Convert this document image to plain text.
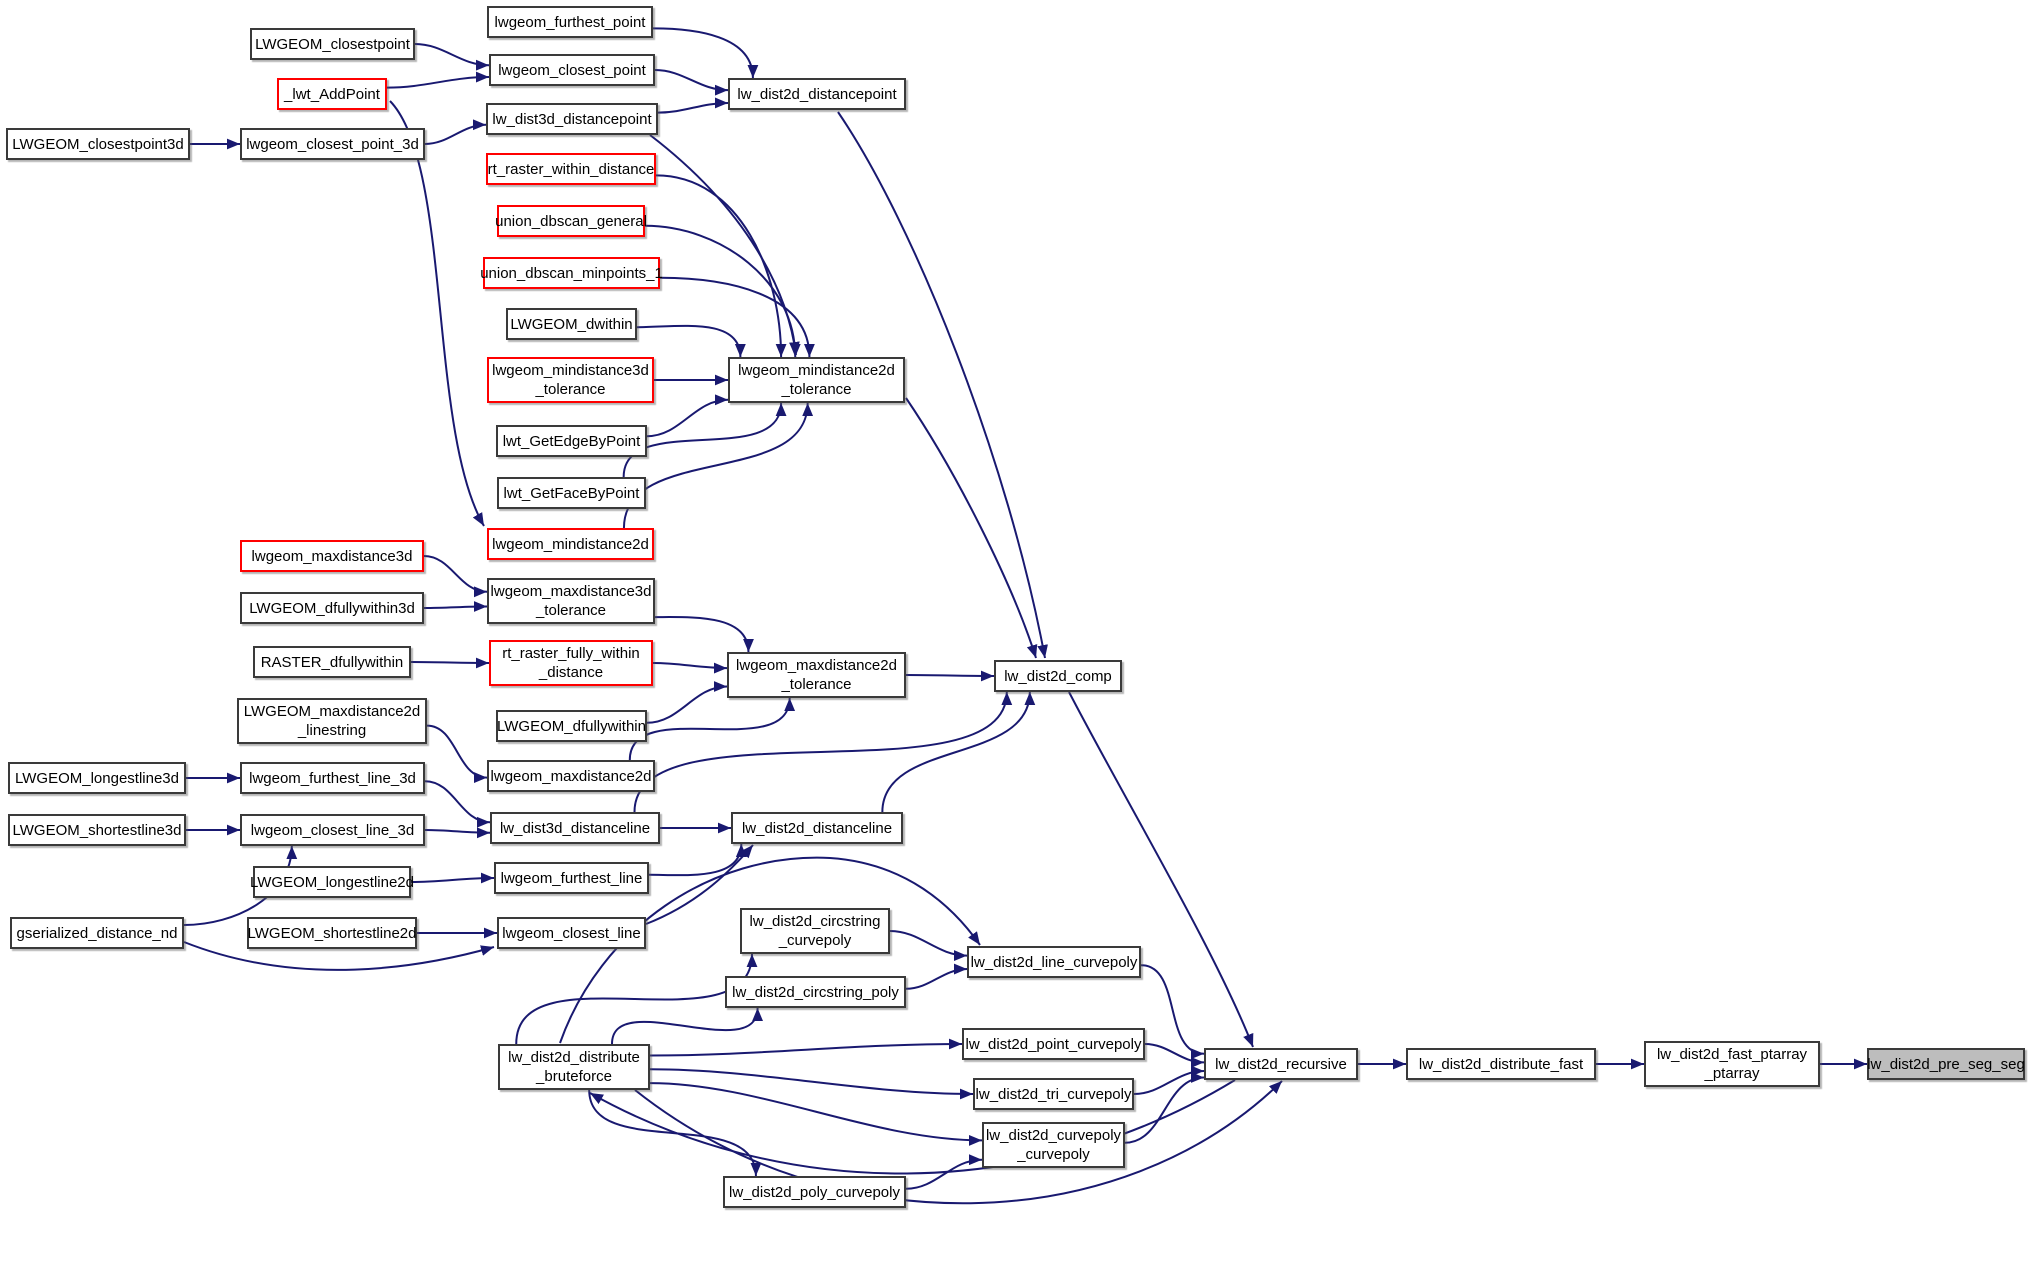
lwgeom_furthest_point
LWGEOM_closestpoint
lwgeom_closest_point
_lwt_AddPoint	lw_dist2d_distancepoint
lw_dist3d_distancepoint
LWGEOM_closestpoint3d	lwgeom_closest_point_3d
rt_raster_within_distance
union_dbscan_general
union_dbscan_minpoints_1
LWGEOM_dwithin
lwgeom_mindistance3d
_tolerance
lwgeom_mindistance2d
_tolerance
lwt_GetEdgeByPoint
lwt_GetFaceByPoint
lwgeom_mindistance2d
lwgeom_maxdistance3d
lwgeom_maxdistance3d
_tolerance
LWGEOM_dfullywithin3d
RASTER_dfullywithin	rt_raster_fully_within
_distance	lwgeom_maxdistance2d
_tolerance	lw_dist2d_comp
LWGEOM_maxdistance2d
_linestring	LWGEOM_dfullywithin
lwgeom_maxdistance2d
LWGEOM_longestline3d	lwgeom_furthest_line_3d
LWGEOM_shortestline3d	lwgeom_closest_line_3d	lw_dist3d_distanceline	lw_dist2d_distanceline
LWGEOM_longestline2d	lwgeom_furthest_line
gserialized_distance_nd	LWGEOM_shortestline2d	lwgeom_closest_line
lw_dist2d_circstring
_curvepoly
lw_dist2d_line_curvepoly
lw_dist2d_circstring_poly
lw_dist2d_point_curvepoly
lw_dist2d_distribute
_bruteforce
lw_dist2d_tri_curvepoly
lw_dist2d_curvepoly
_curvepoly
lw_dist2d_poly_curvepoly
lw_dist2d_recursive	lw_dist2d_distribute_fast
lw_dist2d_fast_ptarray
_ptarray
lw_dist2d_pre_seg_seg
